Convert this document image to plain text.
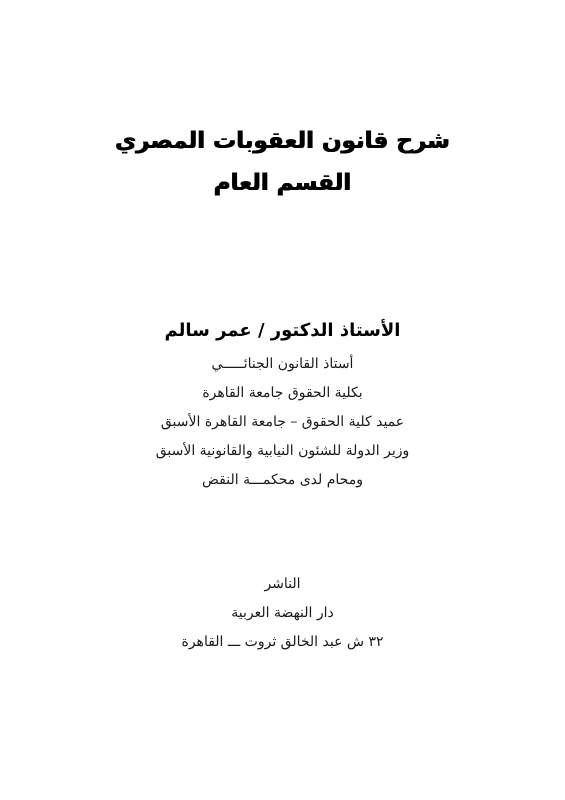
شرح قانون العقوبات المصري
القسم العام

الأستاذ الدكتور / عمر سالم

أستاذ القانون الجنائـــــي

بكلية الحقوق جامعة القاهرة

عميد كلية الحقوق – جامعة القاهرة الأسبق

وزير الدولة للشئون النيابية والقانونية الأسبق

ومحام لدى محكمـــة النقض

الناشر

دار النهضة العربية

٣٢ ش عبد الخالق ثروت ـــ القاهرة
